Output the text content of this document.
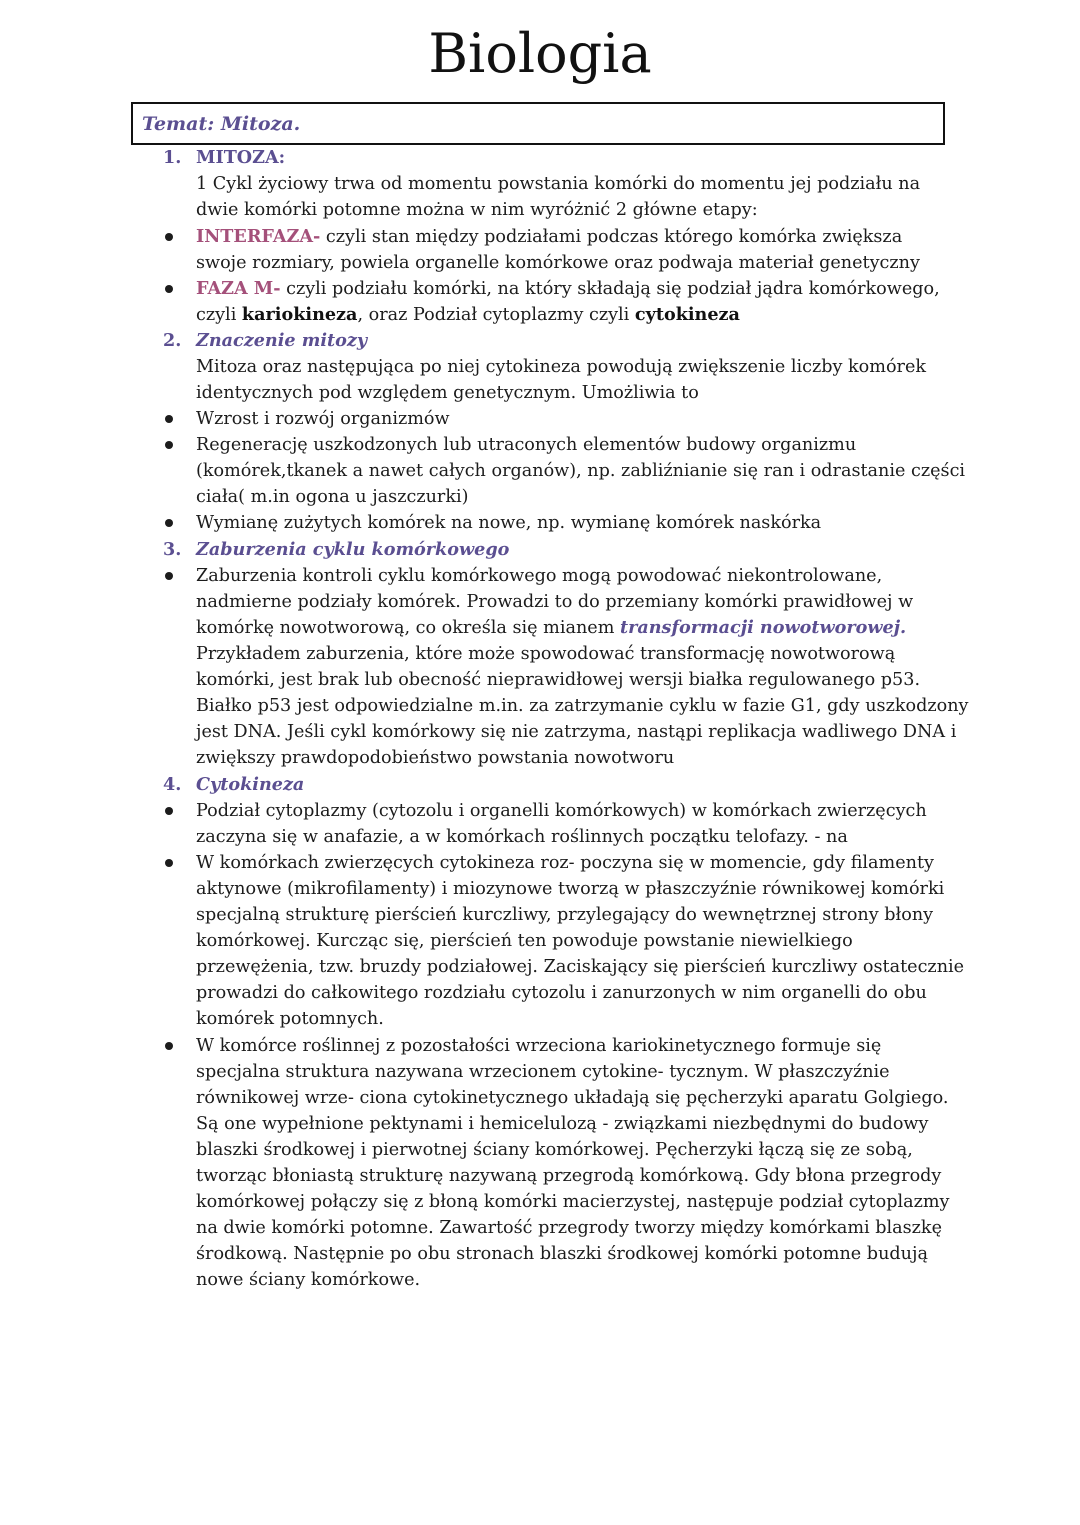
Biologia
Temat: Mitoza.
1. MITOZA:
1 Cykl życiowy trwa od momentu powstania komórki do momentu jej podziału na
dwie komórki potomne można w nim wyróżnić 2 główne etapy:
INTERFAZA- czyli stan między podziałami podczas którego komórka zwiększa
swoje rozmiary, powiela organelle komórkowe oraz podwaja materiał genetyczny
FAZA M- czyli podziału komórki, na który składają się podział jądra komórkowego,
czyli kariokineza, oraz Podział cytoplazmy czyli cytokineza
2. Znaczenie mitozy
Mitoza oraz następująca po niej cytokineza powodują zwiększenie liczby komórek
identycznych pod względem genetycznym. Umożliwia to
Wzrost i rozwój organizmów
Regenerację uszkodzonych lub utraconych elementów budowy organizmu
(komórek,tkanek a nawet całych organów), np. zabliźnianie się ran i odrastanie części
ciała( m.in ogona u jaszczurki)
Wymianę zużytych komórek na nowe, np. wymianę komórek naskórka
3. Zaburzenia cyklu komórkowego
Zaburzenia kontroli cyklu komórkowego mogą powodować niekontrolowane,
nadmierne podziały komórek. Prowadzi to do przemiany komórki prawidłowej w
komórkę nowotworową, co określa się mianem transformacji nowotworowej.
Przykładem zaburzenia, które może spowodować transformację nowotworową
komórki, jest brak lub obecność nieprawidłowej wersji białka regulowanego p53.
Białko p53 jest odpowiedzialne m.in. za zatrzymanie cyklu w fazie G1, gdy uszkodzony
jest DNA. Jeśli cykl komórkowy się nie zatrzyma, nastąpi replikacja wadliwego DNA i
zwiększy prawdopodobieństwo powstania nowotworu
4. Cytokineza
Podział cytoplazmy (cytozolu i organelli komórkowych) w komórkach zwierzęcych
zaczyna się w anafazie, a w komórkach roślinnych początku telofazy. - na
W komórkach zwierzęcych cytokineza roz- poczyna się w momencie, gdy filamenty
aktynowe (mikrofilamenty) i miozynowe tworzą w płaszczyźnie równikowej komórki
specjalną strukturę pierścień kurczliwy, przylegający do wewnętrznej strony błony
komórkowej. Kurcząc się, pierścień ten powoduje powstanie niewielkiego
przewężenia, tzw. bruzdy podziałowej. Zaciskający się pierścień kurczliwy ostatecznie
prowadzi do całkowitego rozdziału cytozolu i zanurzonych w nim organelli do obu
komórek potomnych.
W komórce roślinnej z pozostałości wrzeciona kariokinetycznego formuje się
specjalna struktura nazywana wrzecionem cytokine- tycznym. W płaszczyźnie
równikowej wrze- ciona cytokinetycznego układają się pęcherzyki aparatu Golgiego.
Są one wypełnione pektynami i hemicelulozą - związkami niezbędnymi do budowy
blaszki środkowej i pierwotnej ściany komórkowej. Pęcherzyki łączą się ze sobą,
tworząc błoniastą strukturę nazywaną przegrodą komórkową. Gdy błona przegrody
komórkowej połączy się z błoną komórki macierzystej, następuje podział cytoplazmy
na dwie komórki potomne. Zawartość przegrody tworzy między komórkami blaszkę
środkową. Następnie po obu stronach blaszki środkowej komórki potomne budują
nowe ściany komórkowe.
